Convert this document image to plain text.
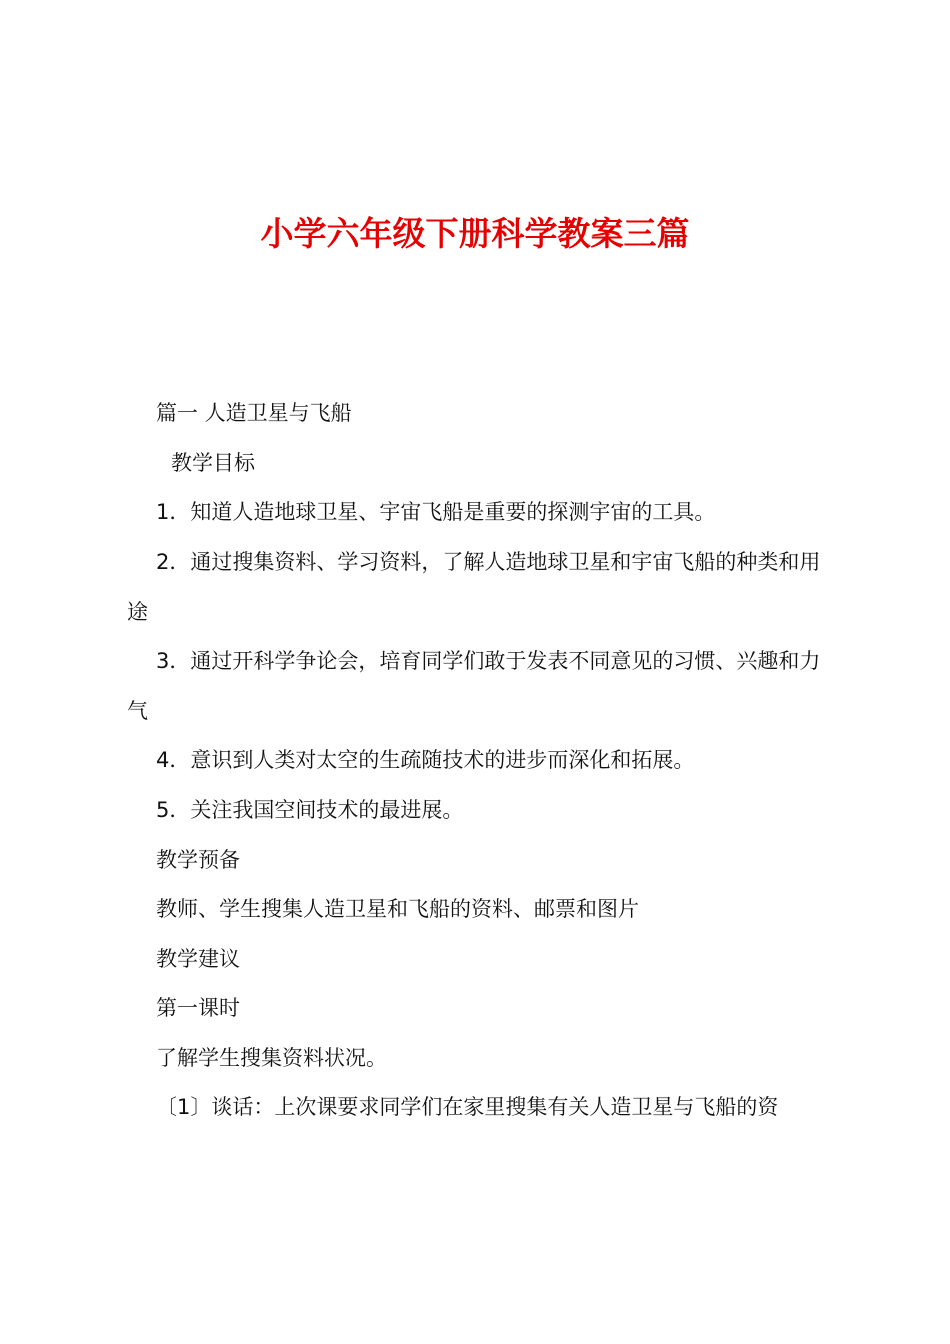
小学六年级下册科学教案三篇
篇一 人造卫星与飞船
教学目标
1．知道人造地球卫星、宇宙飞船是重要的探测宇宙的工具。
2．通过搜集资料、学习资料，了解人造地球卫星和宇宙飞船的种类和用途
3．通过开科学争论会，培育同学们敢于发表不同意见的习惯、兴趣和力气
4．意识到人类对太空的生疏随技术的进步而深化和拓展。
5．关注我国空间技术的最进展。
教学预备
教师、学生搜集人造卫星和飞船的资料、邮票和图片
教学建议
第一课时
了解学生搜集资料状况。
〔1〕谈话：上次课要求同学们在家里搜集有关人造卫星与飞船的资
